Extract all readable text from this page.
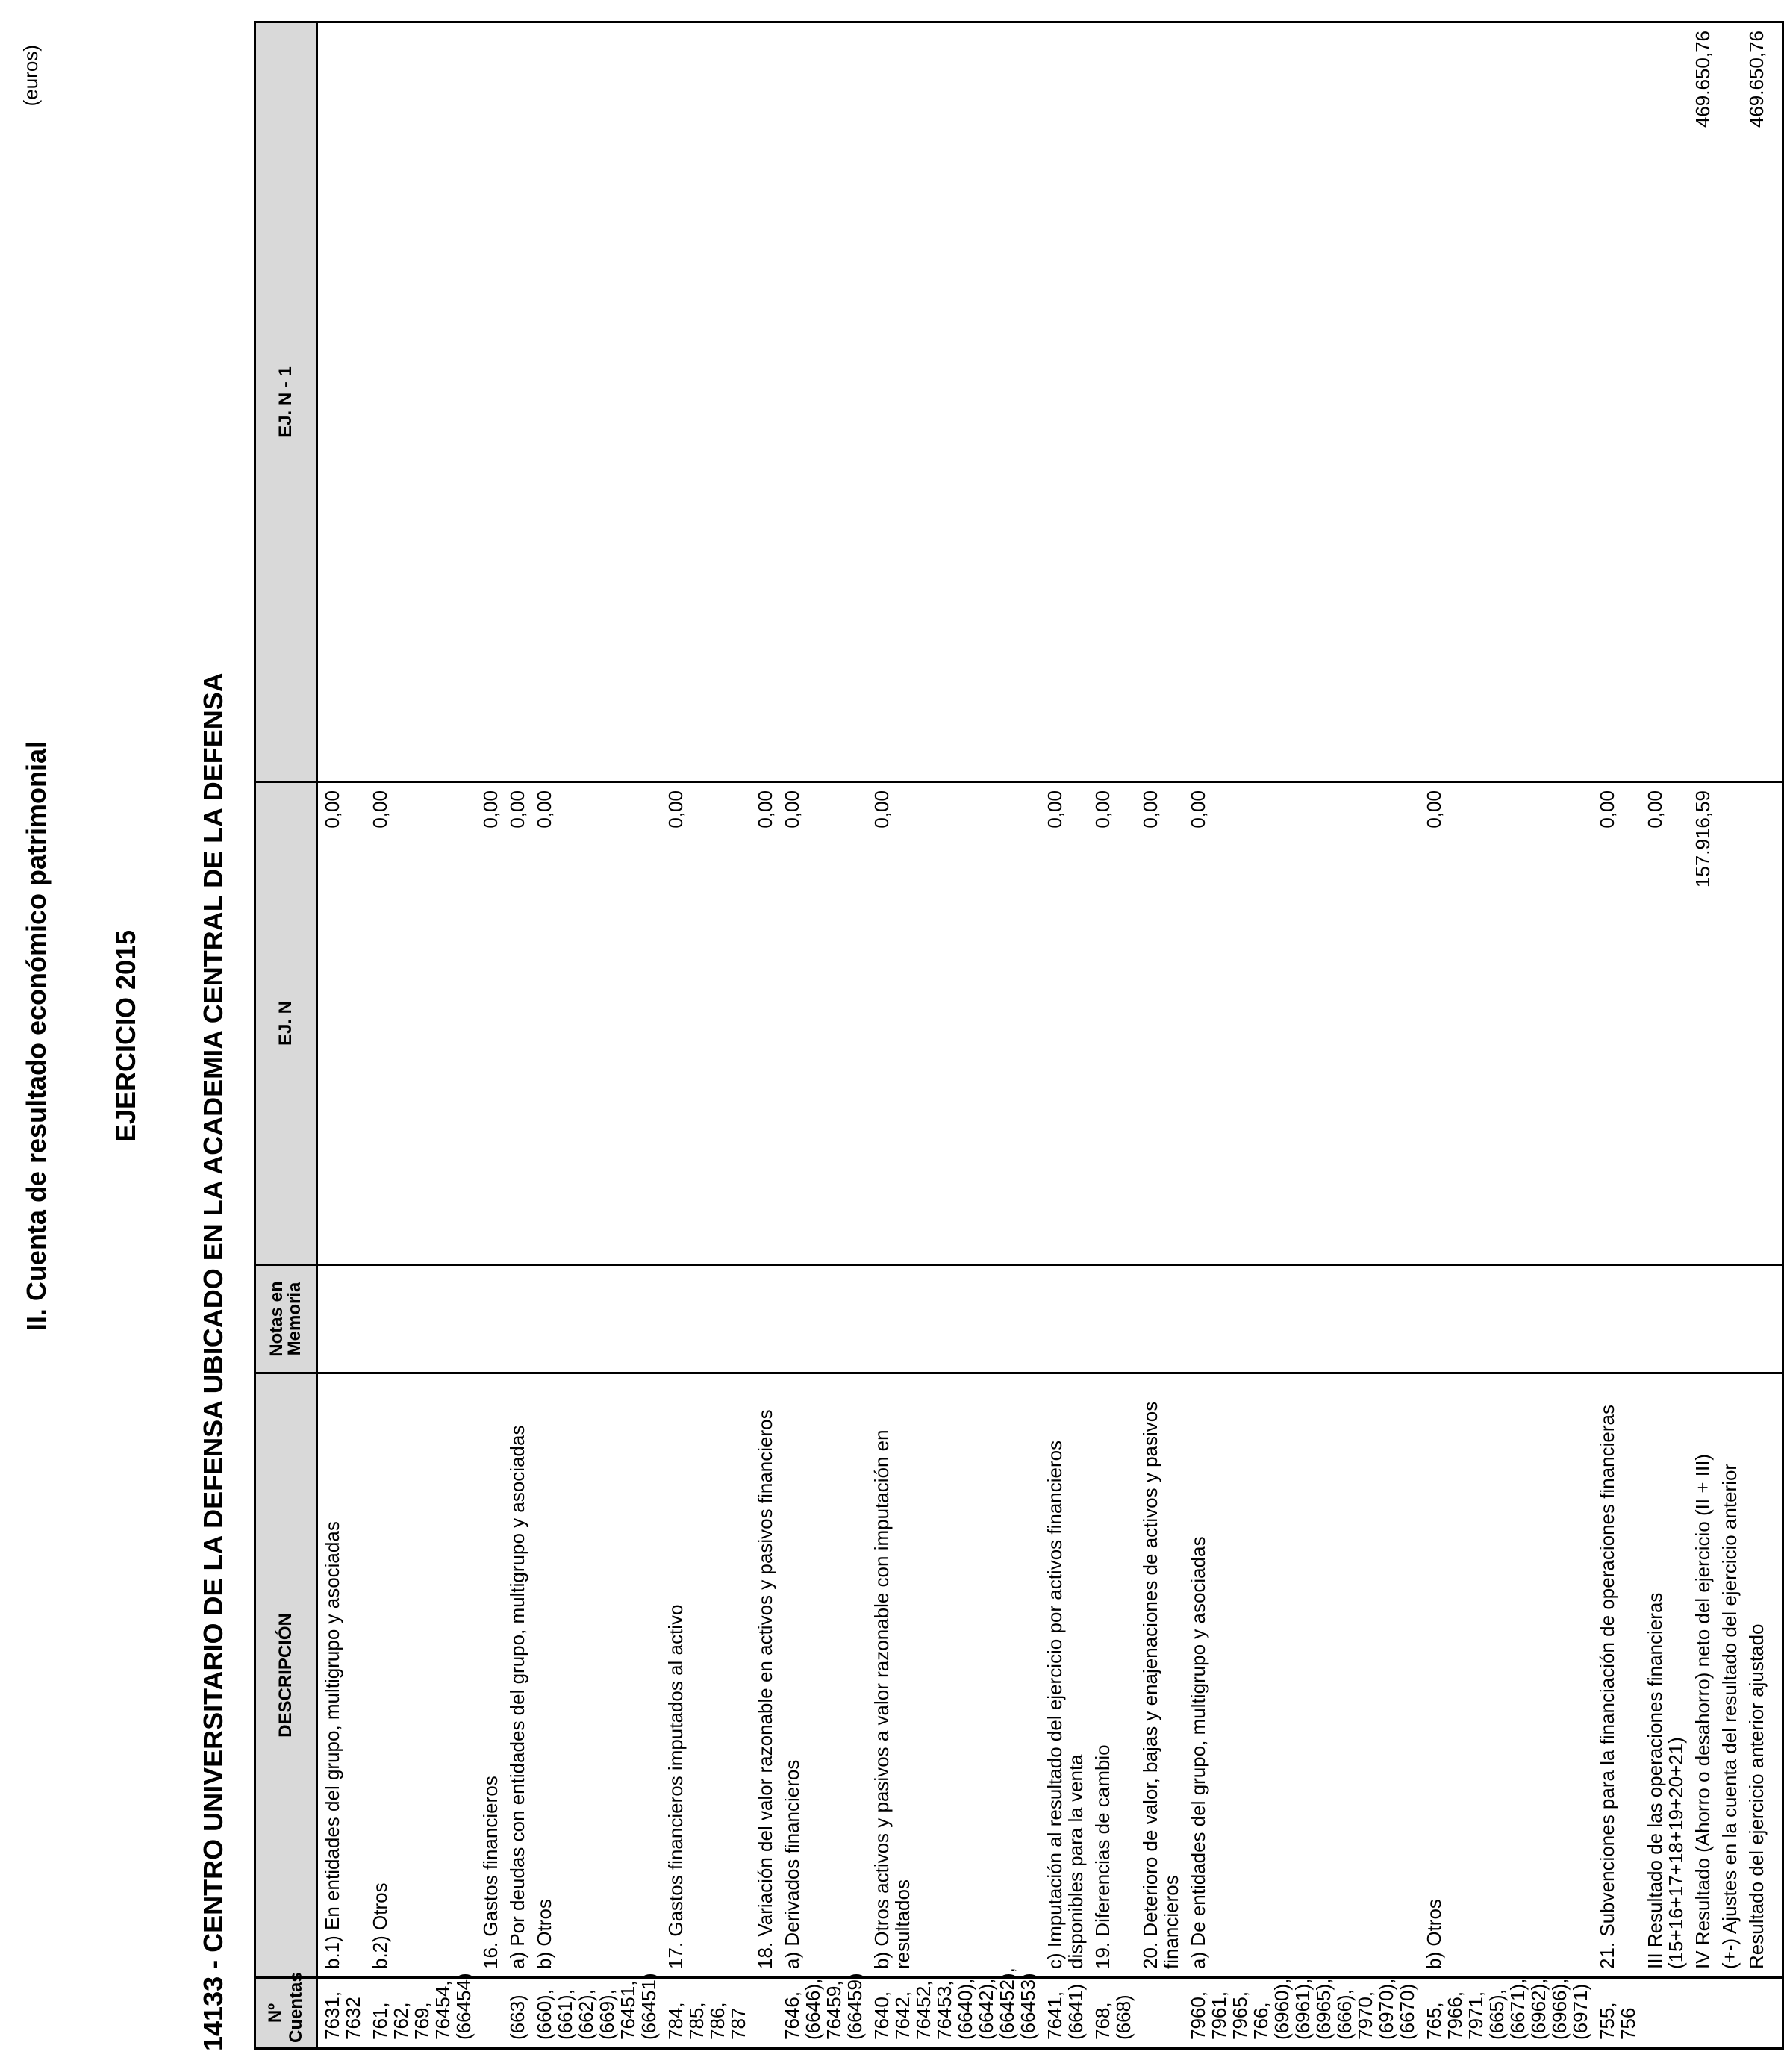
II. Cuenta de resultado económico patrimonial EJERCICIO 2015 14133 - CENTRO UNIVERSITARIO DE LA DEFENSA UBICADO EN LA ACADEMIA CENTRAL DE LA DEFENSA
(euros)
Nº Cuentas	DESCRIPCIÓN	Notas en Memoria	EJ. N	EJ. N - 1
7631, 7632	b.1) En entidades del grupo, multigrupo y asociadas		0,00	
761, 762, 769, 76454, (66454)	b.2) Otros		0,00	
	16. Gastos financieros		0,00	
(663)	a) Por deudas con entidades del grupo, multigrupo y asociadas		0,00	
(660), (661), (662), (669), 76451, (66451)	b) Otros		0,00	
784, 785, 786, 787	17. Gastos financieros imputados al activo		0,00	
	18. Variación del valor razonable en activos y pasivos financieros		0,00	
7646, (6646), 76459, (66459)	a) Derivados financieros		0,00	
7640, 7642, 76452, 76453, (6640), (6642), (66452), (66453)	b) Otros activos y pasivos a valor razonable con imputación en resultados		0,00	
7641, (6641)	c) Imputación al resultado del ejercicio por activos financieros disponibles para la venta		0,00	
768, (668)	19. Diferencias de cambio		0,00	
	20. Deterioro de valor, bajas y enajenaciones de activos y pasivos financieros		0,00	
7960, 7961, 7965, 766, (6960), (6961), (6965), (666), 7970, (6970), (6670)	a) De entidades del grupo, multigrupo y asociadas		0,00	
765, 7966, 7971, (665), (6671), (6962), (6966), (6971)	b) Otros		0,00	
755, 756	21. Subvenciones para la financiación de operaciones financieras		0,00	
	III Resultado de las operaciones financieras (15+16+17+18+19+20+21)		0,00	
	IV Resultado (Ahorro o desahorro) neto del ejercicio (II + III)		157.916,59	469.650,76
	(+-) Ajustes en la cuenta del resultado del ejercicio anterior			
	Resultado del ejercicio anterior ajustado			469.650,76
